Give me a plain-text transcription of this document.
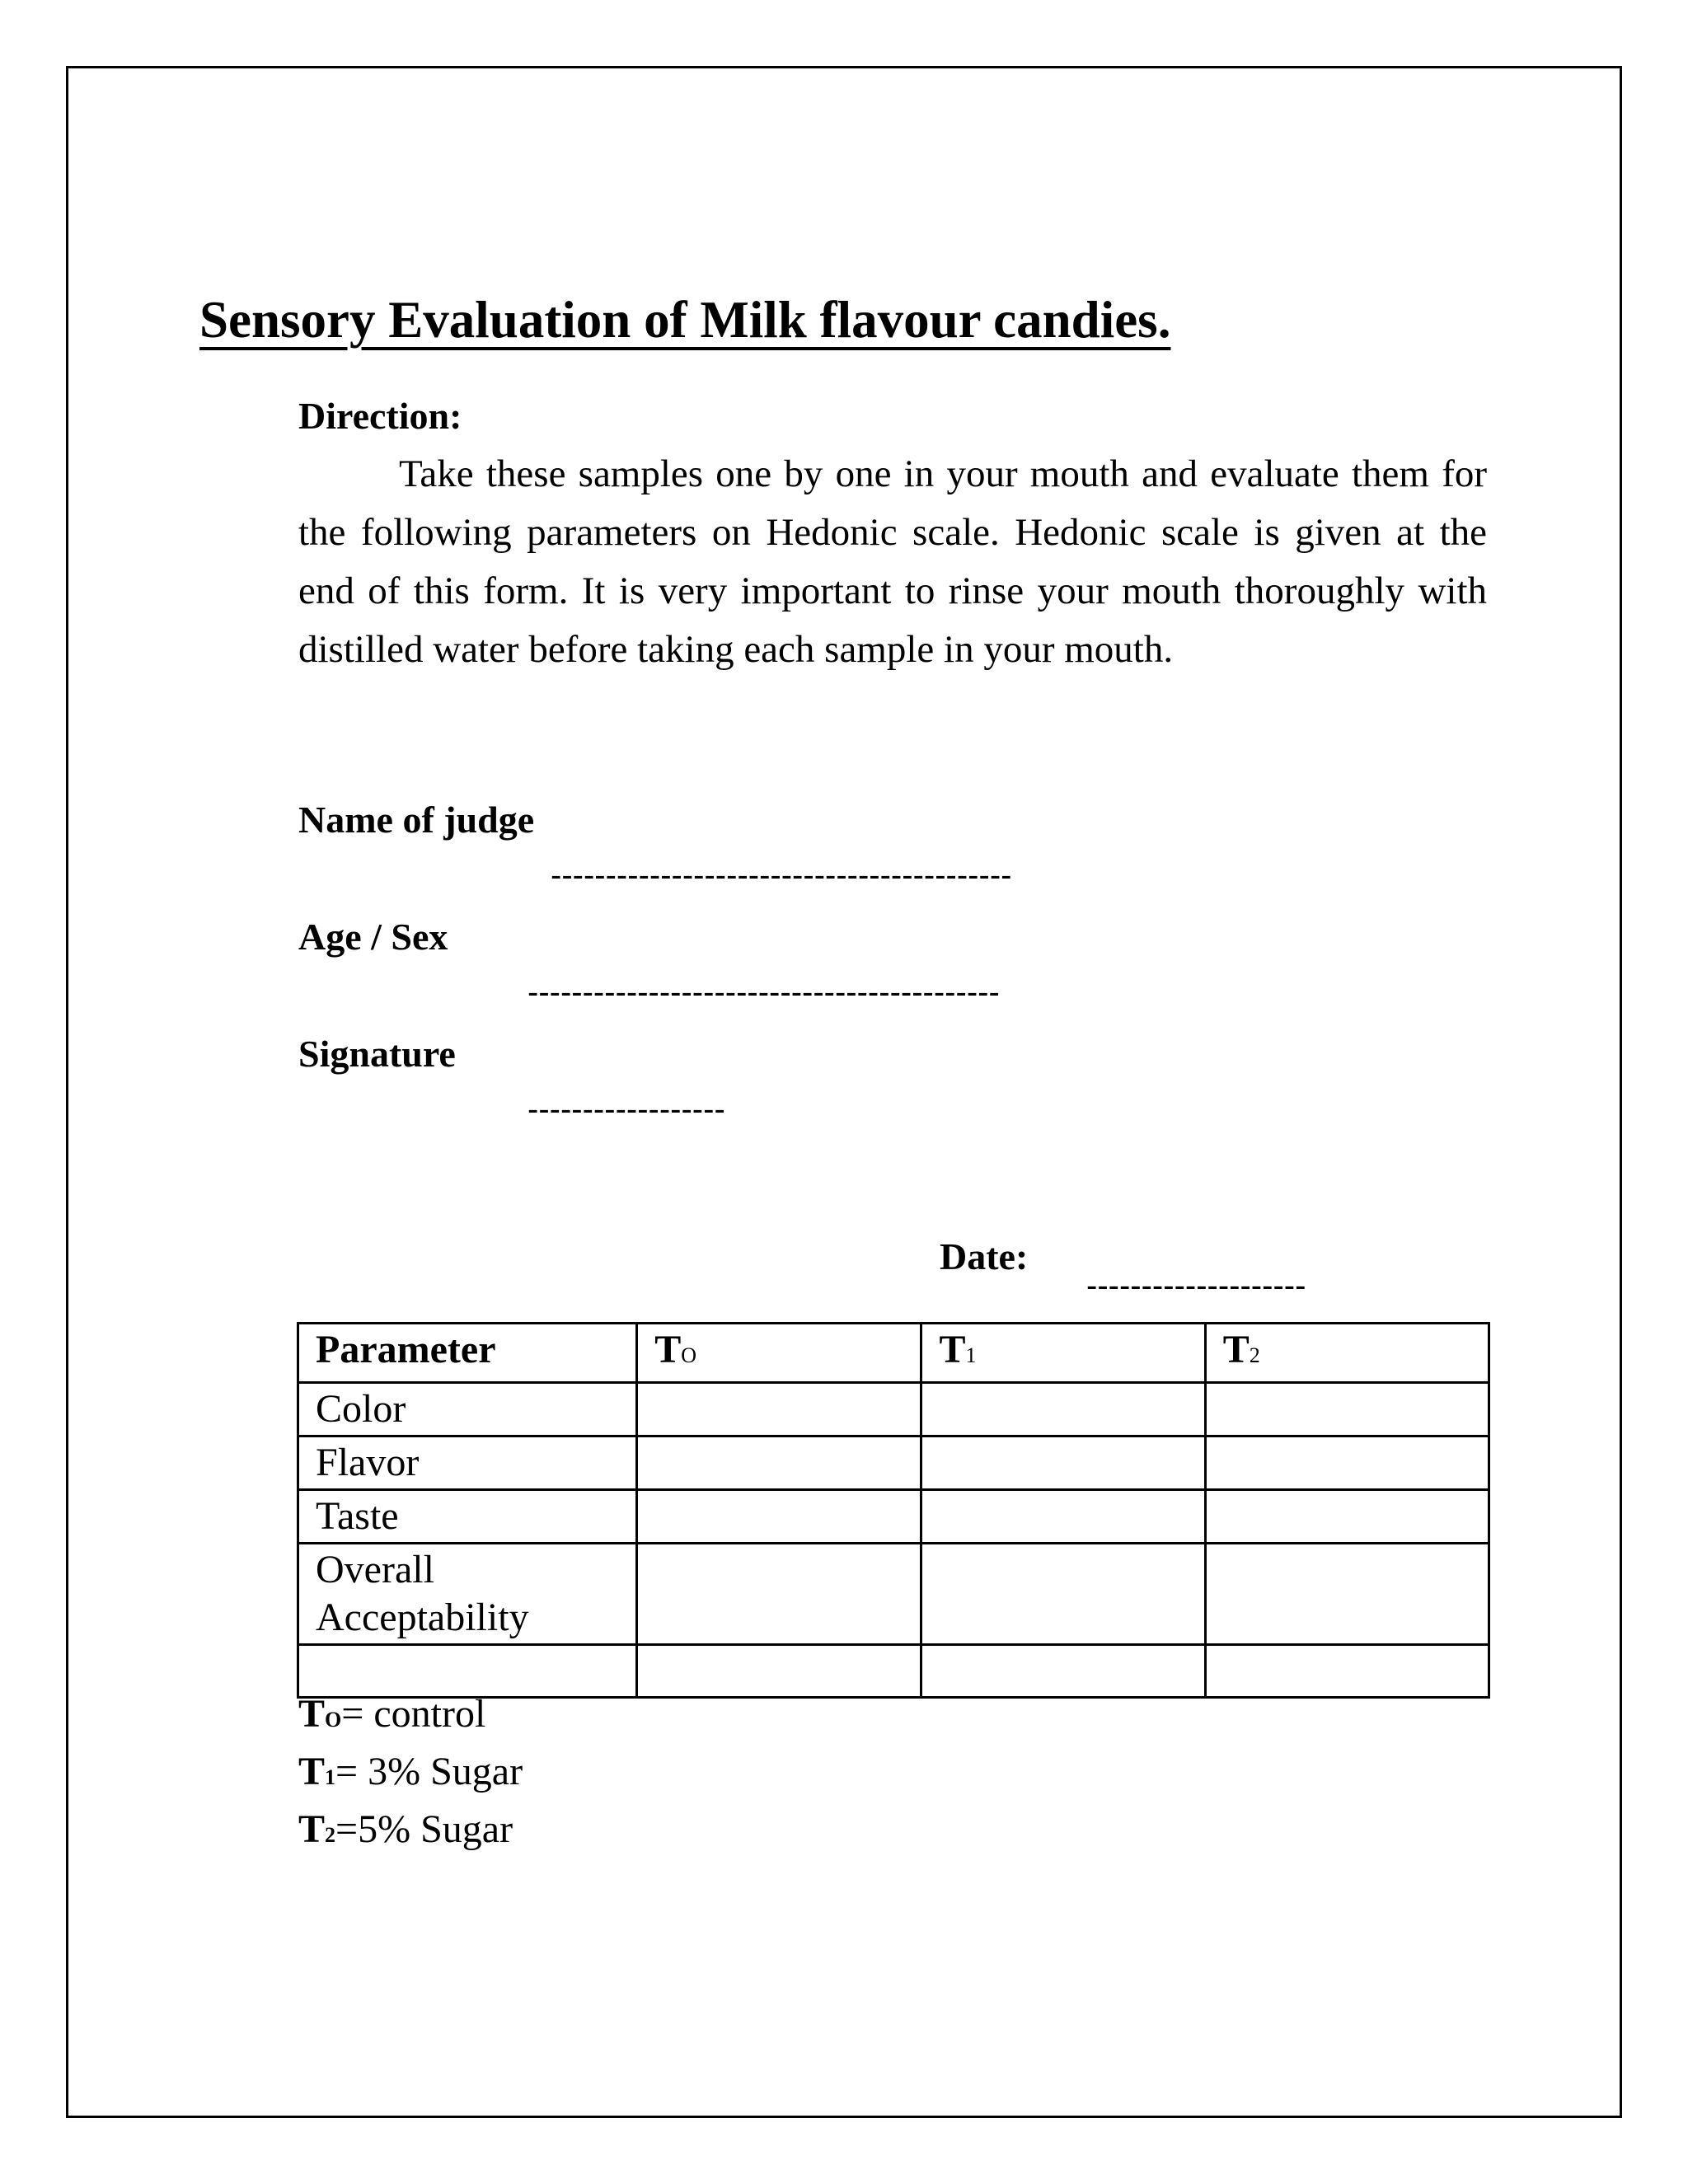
Sensory Evaluation of Milk flavour candies.

Direction:

Take these samples one by one in your mouth and evaluate them for the following parameters on Hedonic scale. Hedonic scale is given at the end of this form. It is very important to rinse your mouth thoroughly with distilled water before taking each sample in your mouth.

Name of judge

------------------------------------------

Age / Sex

-------------------------------------------

Signature

------------------

Date:

--------------------

Parameter	TO	T1	T2
Color			
Flavor			
Taste			
Overall Acceptability			

TO= control

T1= 3% Sugar

T2=5% Sugar
